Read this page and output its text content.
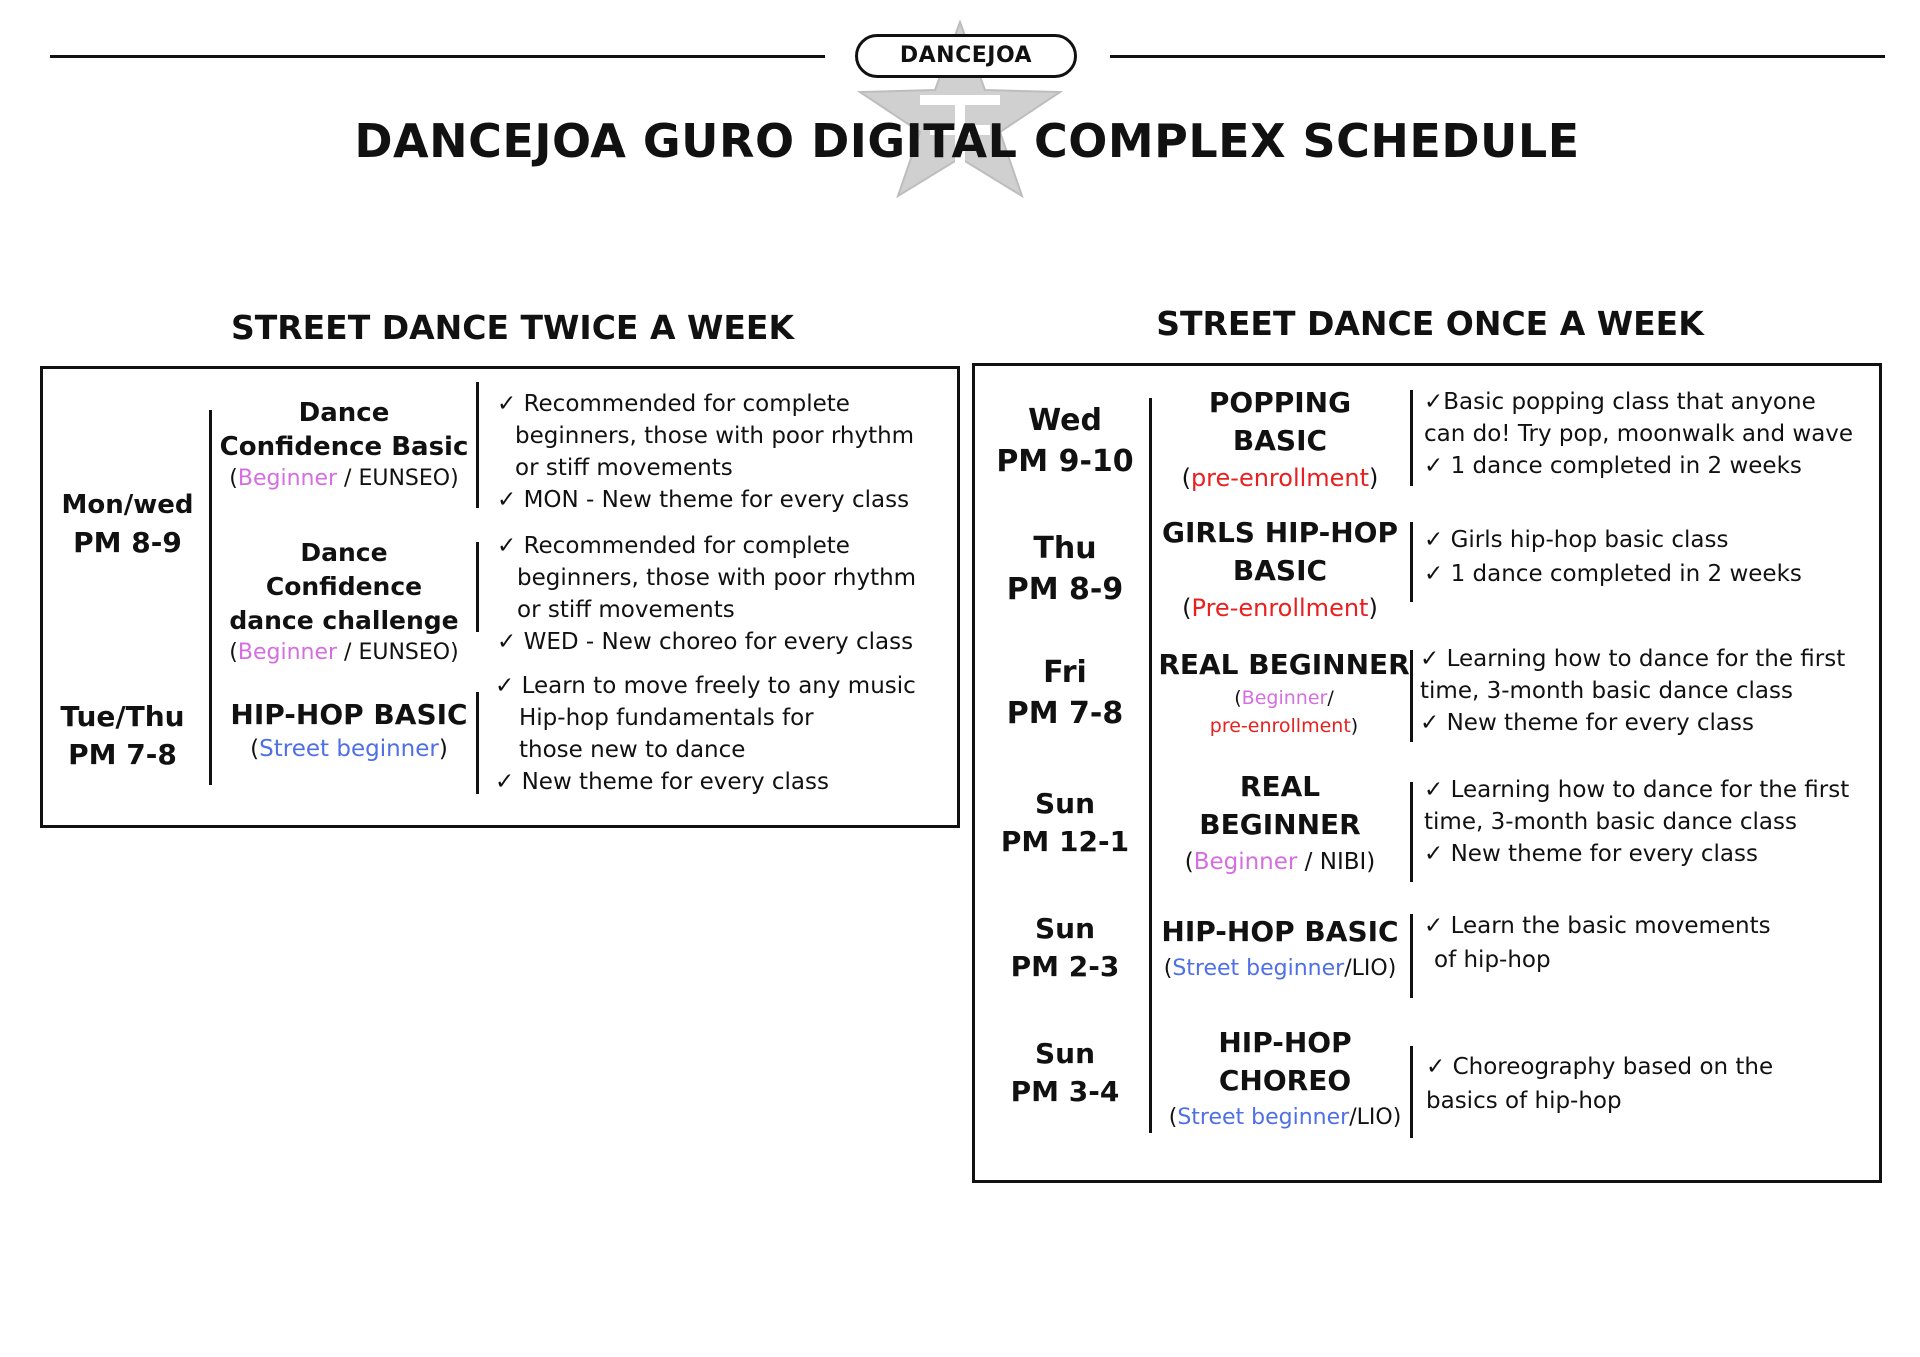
DANCEJOA
DANCEJOA GURO DIGITAL COMPLEX SCHEDULE
STREET DANCE TWICE A WEEK
Mon/wed
PM 8-9
Tue/Thu
PM 7-8
Dance
Confidence Basic
(Beginner / EUNSEO)
✓ Recommended for complete
beginners, those with poor rhythm
or stiff movements
✓ MON - New theme for every class
Dance Confidence
dance challenge
(Beginner / EUNSEO)
✓ Recommended for complete
beginners, those with poor rhythm
or stiff movements
✓ WED - New choreo for every class
HIP-HOP BASIC
(Street beginner)
✓ Learn to move freely to any music
Hip-hop fundamentals for
those new to dance
✓ New theme for every class
STREET DANCE ONCE A WEEK
Wed
PM 9-10
POPPING
BASIC
(pre-enrollment)
✓Basic popping class that anyone
can do! Try pop, moonwalk and wave
✓ 1 dance completed in 2 weeks
Thu
PM 8-9
GIRLS HIP-HOP
BASIC
(Pre-enrollment)
✓ Girls hip-hop basic class
✓ 1 dance completed in 2 weeks
Fri
PM 7-8
REAL BEGINNER
(Beginner/
pre-enrollment)
✓ Learning how to dance for the first
time, 3-month basic dance class
✓ New theme for every class
Sun
PM 12-1
REAL
BEGINNER
(Beginner / NIBI)
✓ Learning how to dance for the first
time, 3-month basic dance class
✓ New theme for every class
Sun
PM 2-3
HIP-HOP BASIC
(Street beginner/LIO)
✓ Learn the basic movements
of hip-hop
Sun
PM 3-4
HIP-HOP
CHOREO
(Street beginner/LIO)
✓ Choreography based on the
basics of hip-hop
